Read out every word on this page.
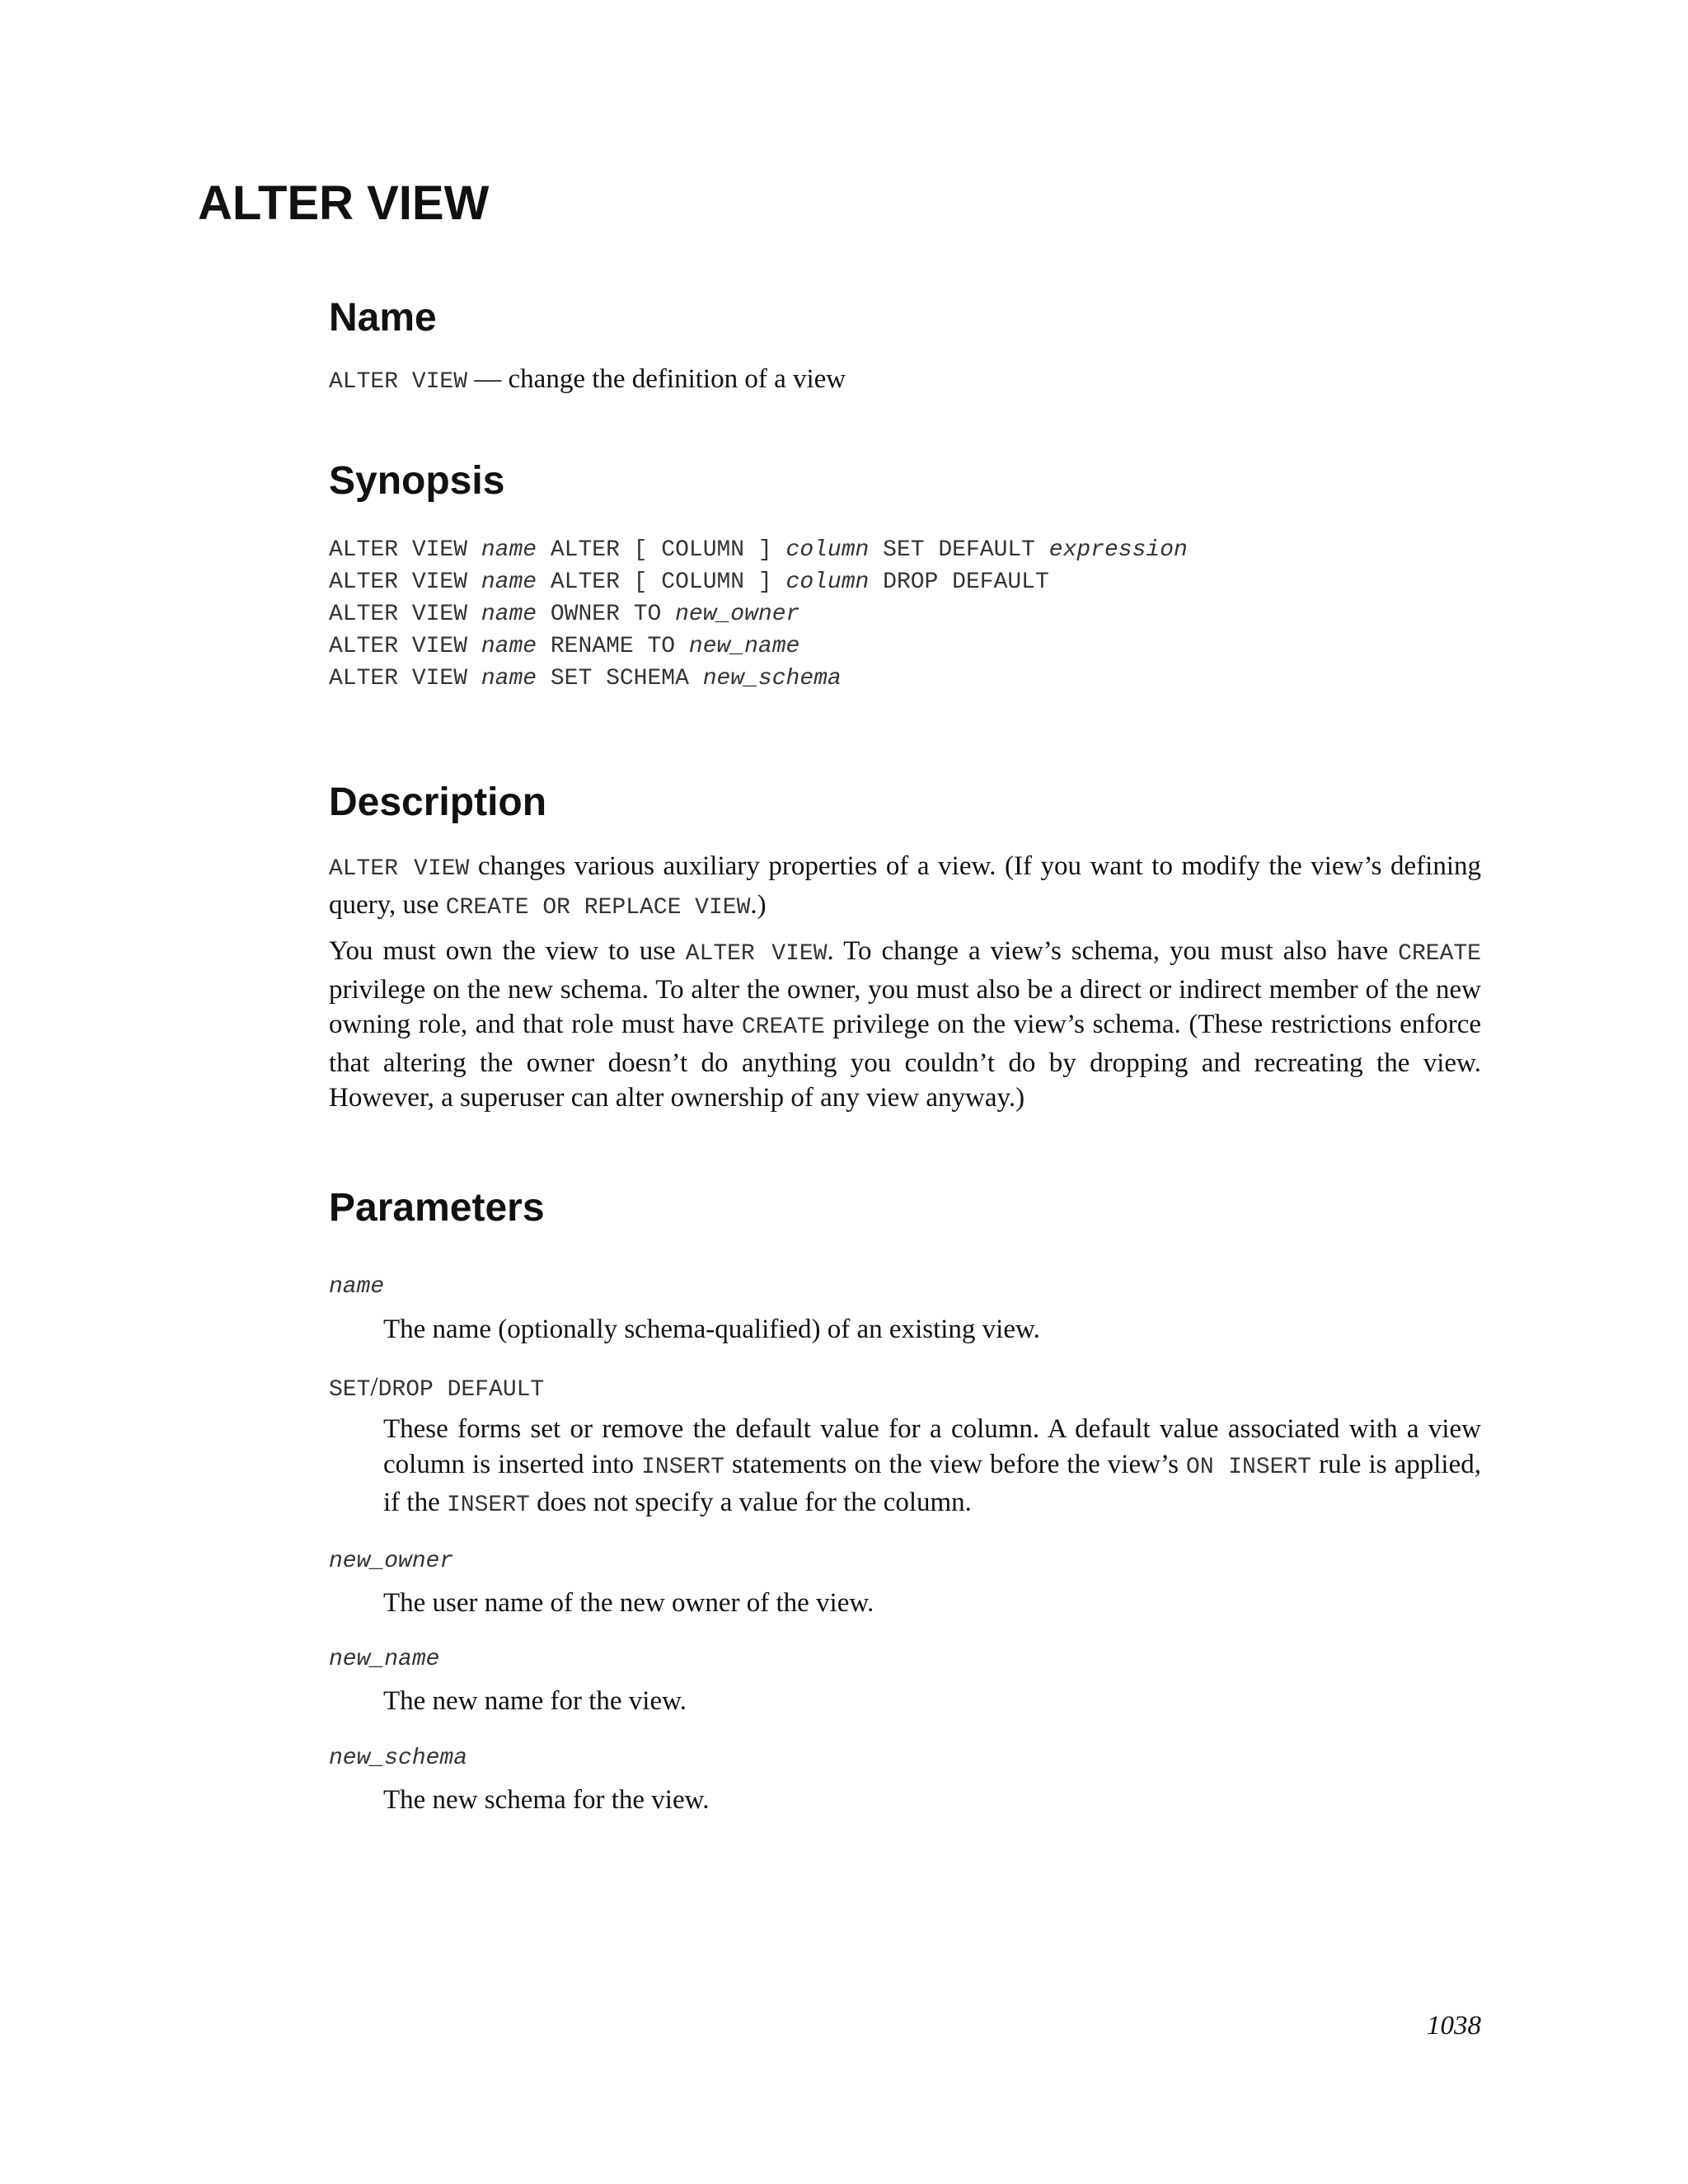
ALTER VIEW
Name

ALTER VIEW — change the definition of a view

Synopsis
ALTER VIEW name ALTER [ COLUMN ] column SET DEFAULT expression
ALTER VIEW name ALTER [ COLUMN ] column DROP DEFAULT
ALTER VIEW name OWNER TO new_owner
ALTER VIEW name RENAME TO new_name
ALTER VIEW name SET SCHEMA new_schema
Description

ALTER VIEW changes various auxiliary properties of a view. (If you want to modify the view’s defining query, use CREATE OR REPLACE VIEW.)

You must own the view to use ALTER VIEW. To change a view’s schema, you must also have CREATE privilege on the new schema. To alter the owner, you must also be a direct or indirect member of the new owning role, and that role must have CREATE privilege on the view’s schema. (These restrictions enforce that altering the owner doesn’t do anything you couldn’t do by dropping and recreating the view. However, a superuser can alter ownership of any view anyway.)

Parameters

name

The name (optionally schema-qualified) of an existing view.

SET/DROP DEFAULT

These forms set or remove the default value for a column. A default value associated with a view column is inserted into INSERT statements on the view before the view’s ON INSERT rule is applied, if the INSERT does not specify a value for the column.

new_owner

The user name of the new owner of the view.

new_name

The new name for the view.

new_schema

The new schema for the view.

1038
